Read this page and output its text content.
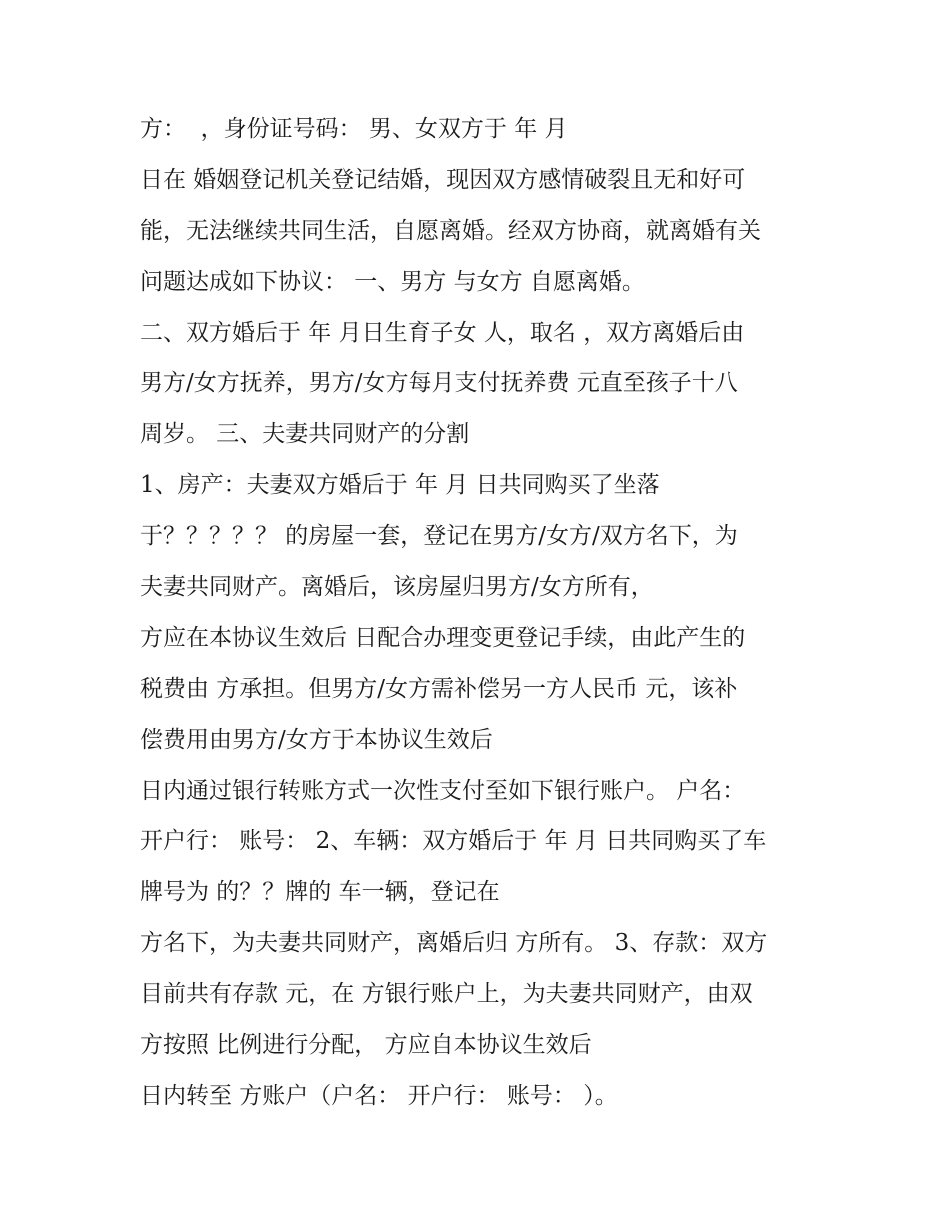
方：  ，身份证号码： 男、女双方于 年 月
日在 婚姻登记机关登记结婚，现因双方感情破裂且无和好可
能，无法继续共同生活，自愿离婚。经双方协商，就离婚有关
问题达成如下协议： 一、男方 与女方 自愿离婚。
二、双方婚后于 年 月日生育子女 人，取名 ，双方离婚后由
男方/女方抚养，男方/女方每月支付抚养费 元直至孩子十八
周岁。 三、夫妻共同财产的分割
1、房产：夫妻双方婚后于 年 月 日共同购买了坐落
于？？？？？ 的房屋一套，登记在男方/女方/双方名下，为
夫妻共同财产。离婚后，该房屋归男方/女方所有，
方应在本协议生效后 日配合办理变更登记手续，由此产生的
税费由 方承担。但男方/女方需补偿另一方人民币 元，该补
偿费用由男方/女方于本协议生效后
日内通过银行转账方式一次性支付至如下银行账户。 户名：
开户行： 账号： 2、车辆：双方婚后于 年 月 日共同购买了车
牌号为 的？？牌的 车一辆，登记在
方名下，为夫妻共同财产，离婚后归 方所有。 3、存款：双方
目前共有存款 元，在 方银行账户上，为夫妻共同财产，由双
方按照 比例进行分配， 方应自本协议生效后
日内转至 方账户（户名： 开户行： 账号： ）。
